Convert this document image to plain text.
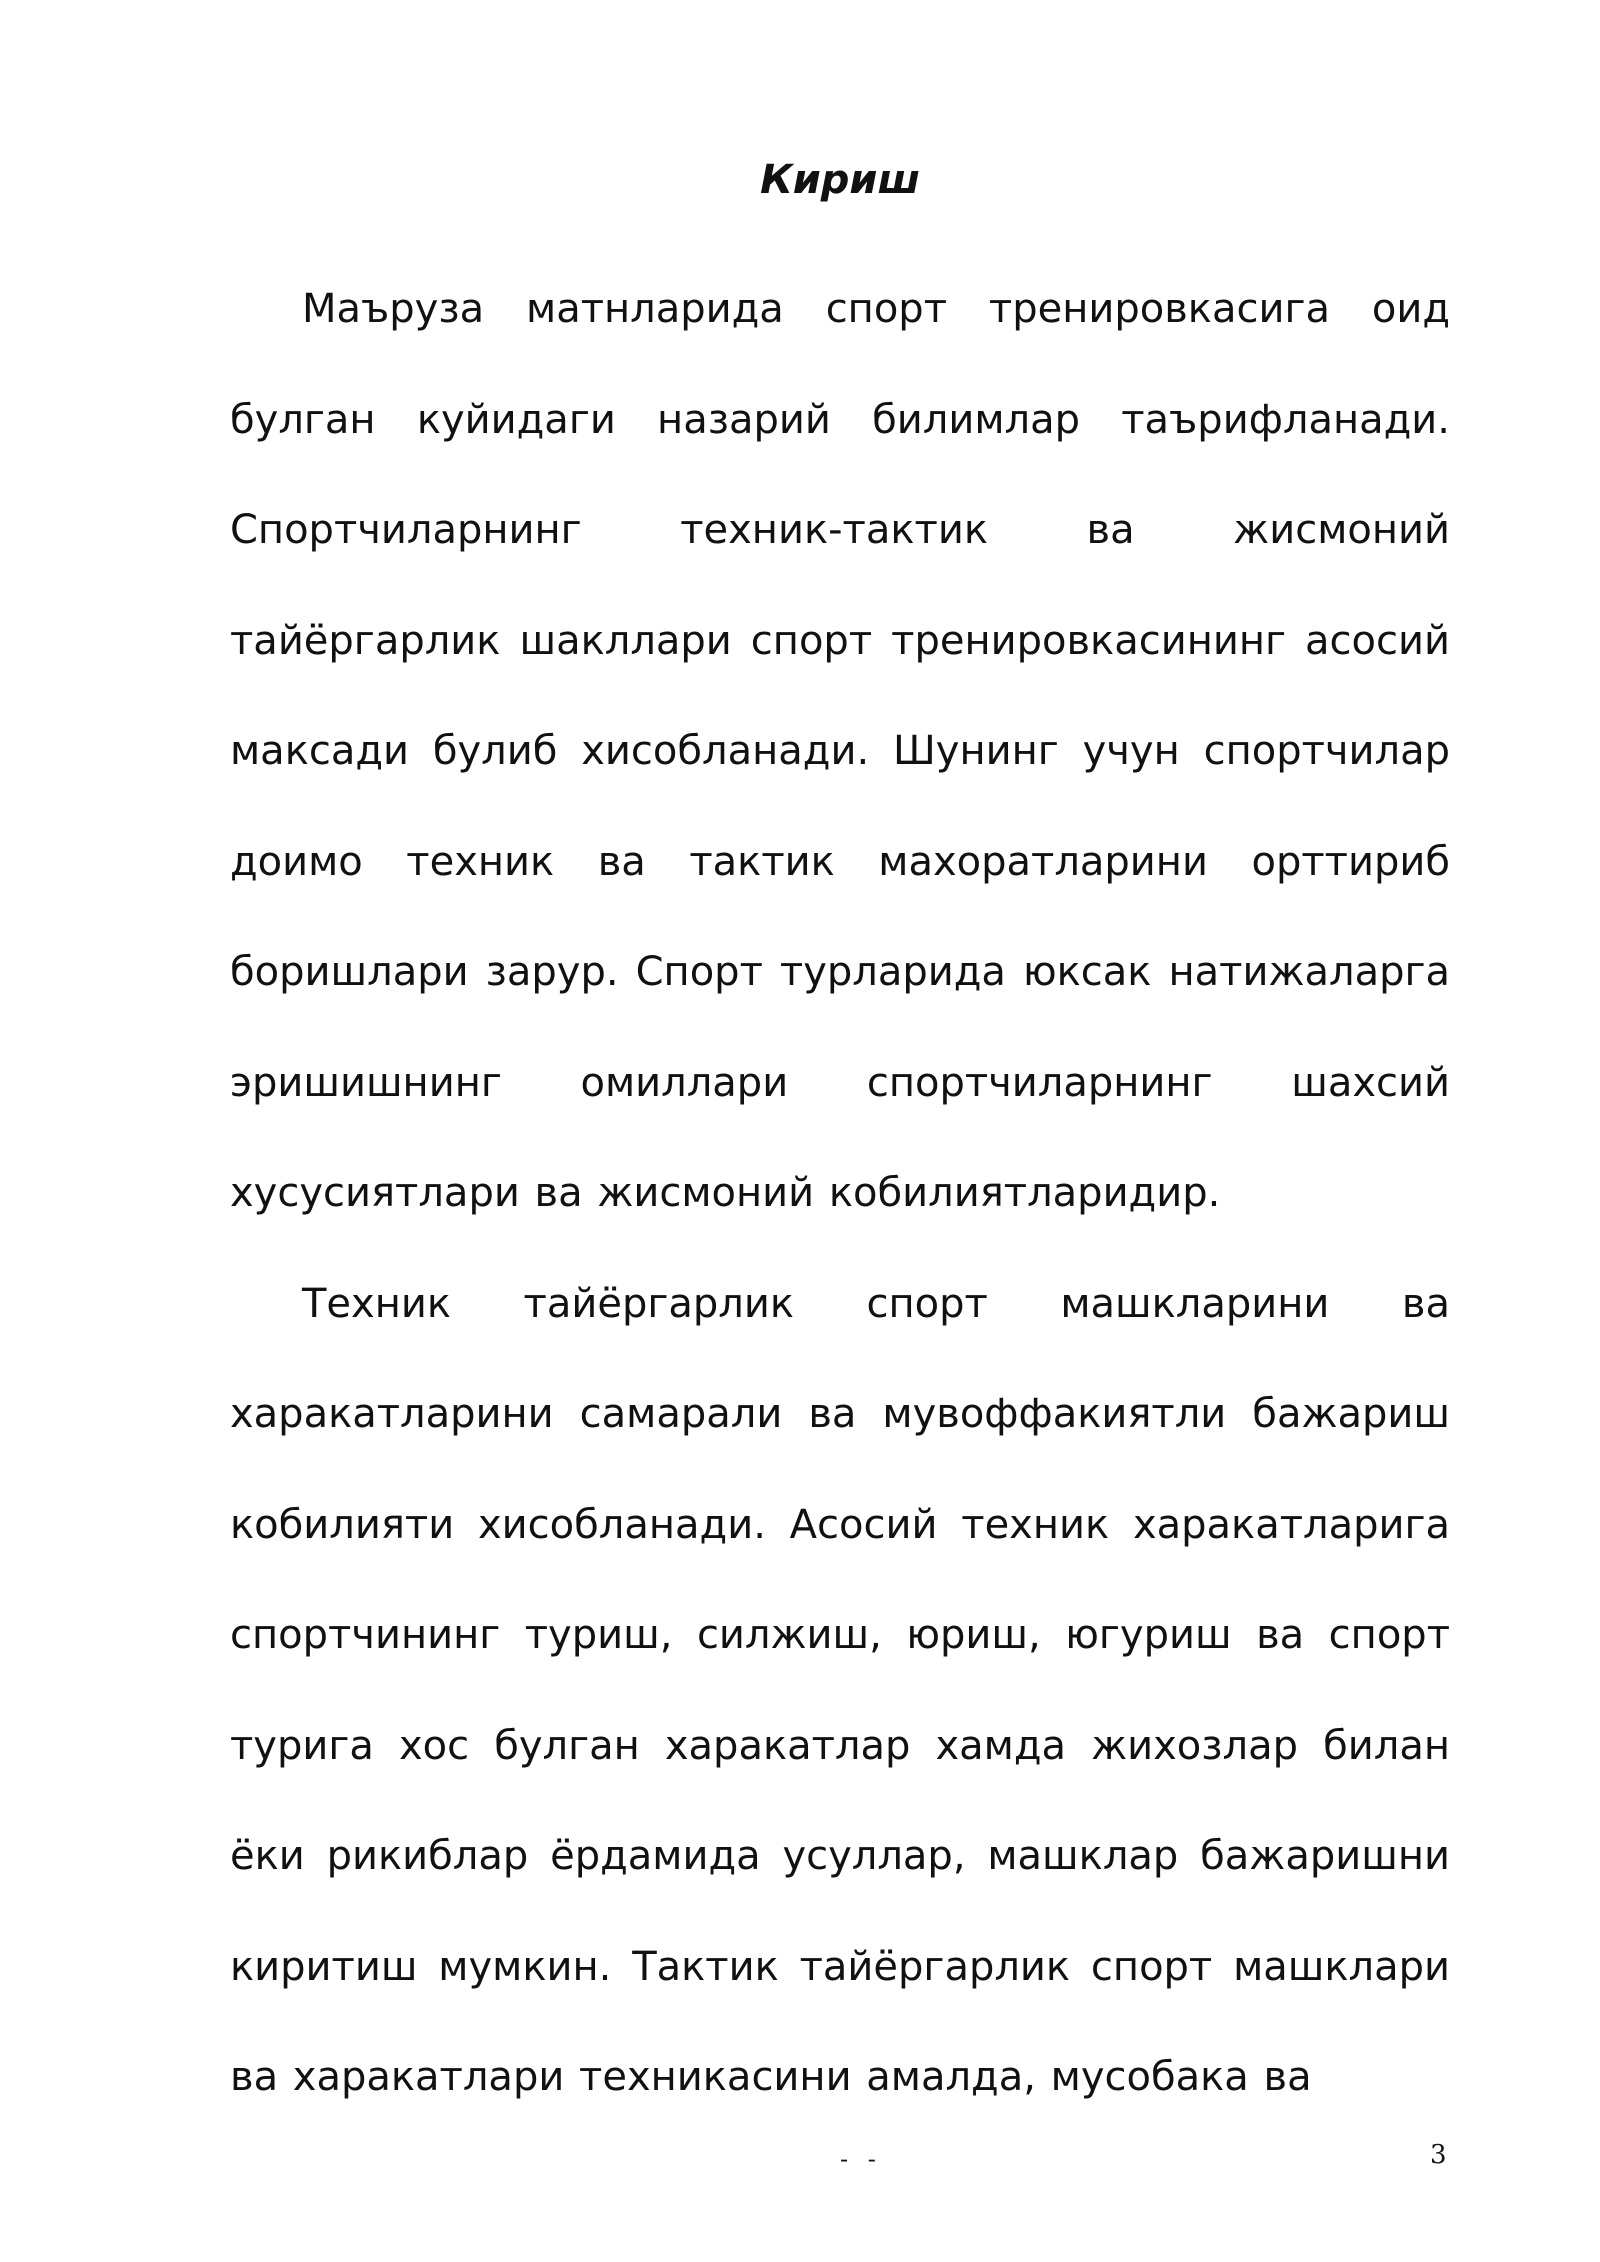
Кириш

Маъруза матнларида спорт тренировкасига оид булган куйидаги назарий билимлар таърифланади. Спортчиларнинг техник-тактик ва жисмоний тайёргарлик шакллари спорт тренировкасининг асосий максади булиб хисобланади. Шунинг учун спортчилар доимо техник ва тактик махоратларини орттириб боришлари зарур. Спорт турларида юксак натижаларга эришишнинг омиллари спортчиларнинг шахсий хусусиятлари ва жисмоний кобилиятларидир.

Техник тайёргарлик спорт машкларини ва харакатларини самарали ва мувоффакиятли бажариш кобилияти хисобланади. Асосий техник харакатларига спортчининг туриш, силжиш, юриш, югуриш ва спорт турига хос булган харакатлар хамда жихозлар билан ёки рикиблар ёрдамида усуллар, машклар бажаришни киритиш мумкин. Тактик тайёргарлик спорт машклари ва харакатлари техникасини амалда, мусобака ва

- -	3
